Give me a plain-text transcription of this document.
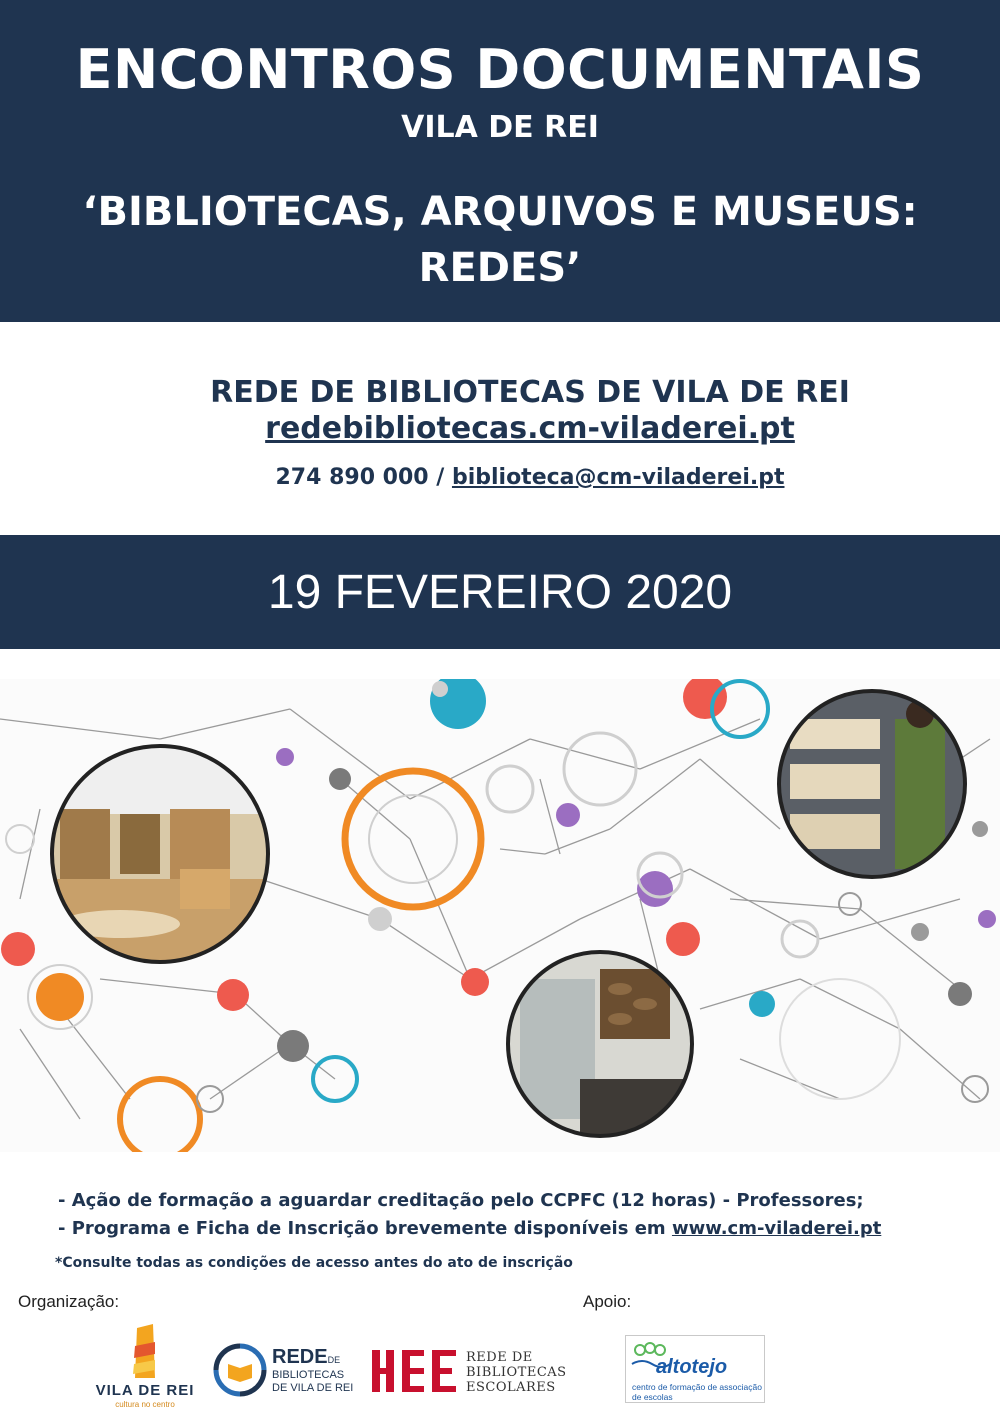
ENCONTROS DOCUMENTAIS
VILA DE REI
‘BIBLIOTECAS, ARQUIVOS E MUSEUS:
REDES’
REDE DE BIBLIOTECAS DE VILA DE REI
redebibliotecas.cm-viladerei.pt
274 890 000 / biblioteca@cm-viladerei.pt
19 FEVEREIRO 2020
- Ação de formação a aguardar creditação pelo CCPFC (12 horas) - Professores;
- Programa e Ficha de Inscrição brevemente disponíveis em www.cm-viladerei.pt
*Consulte todas as condições de acesso antes do ato de inscrição
Organização:	Apoio:
VILA DE REI
cultura no centro
REDEDE
BIBLIOTECAS
DE VILA DE REI
REDE DE
BIBLIOTECAS
ESCOLARES
altotejo
centro de formação de associação de escolas
